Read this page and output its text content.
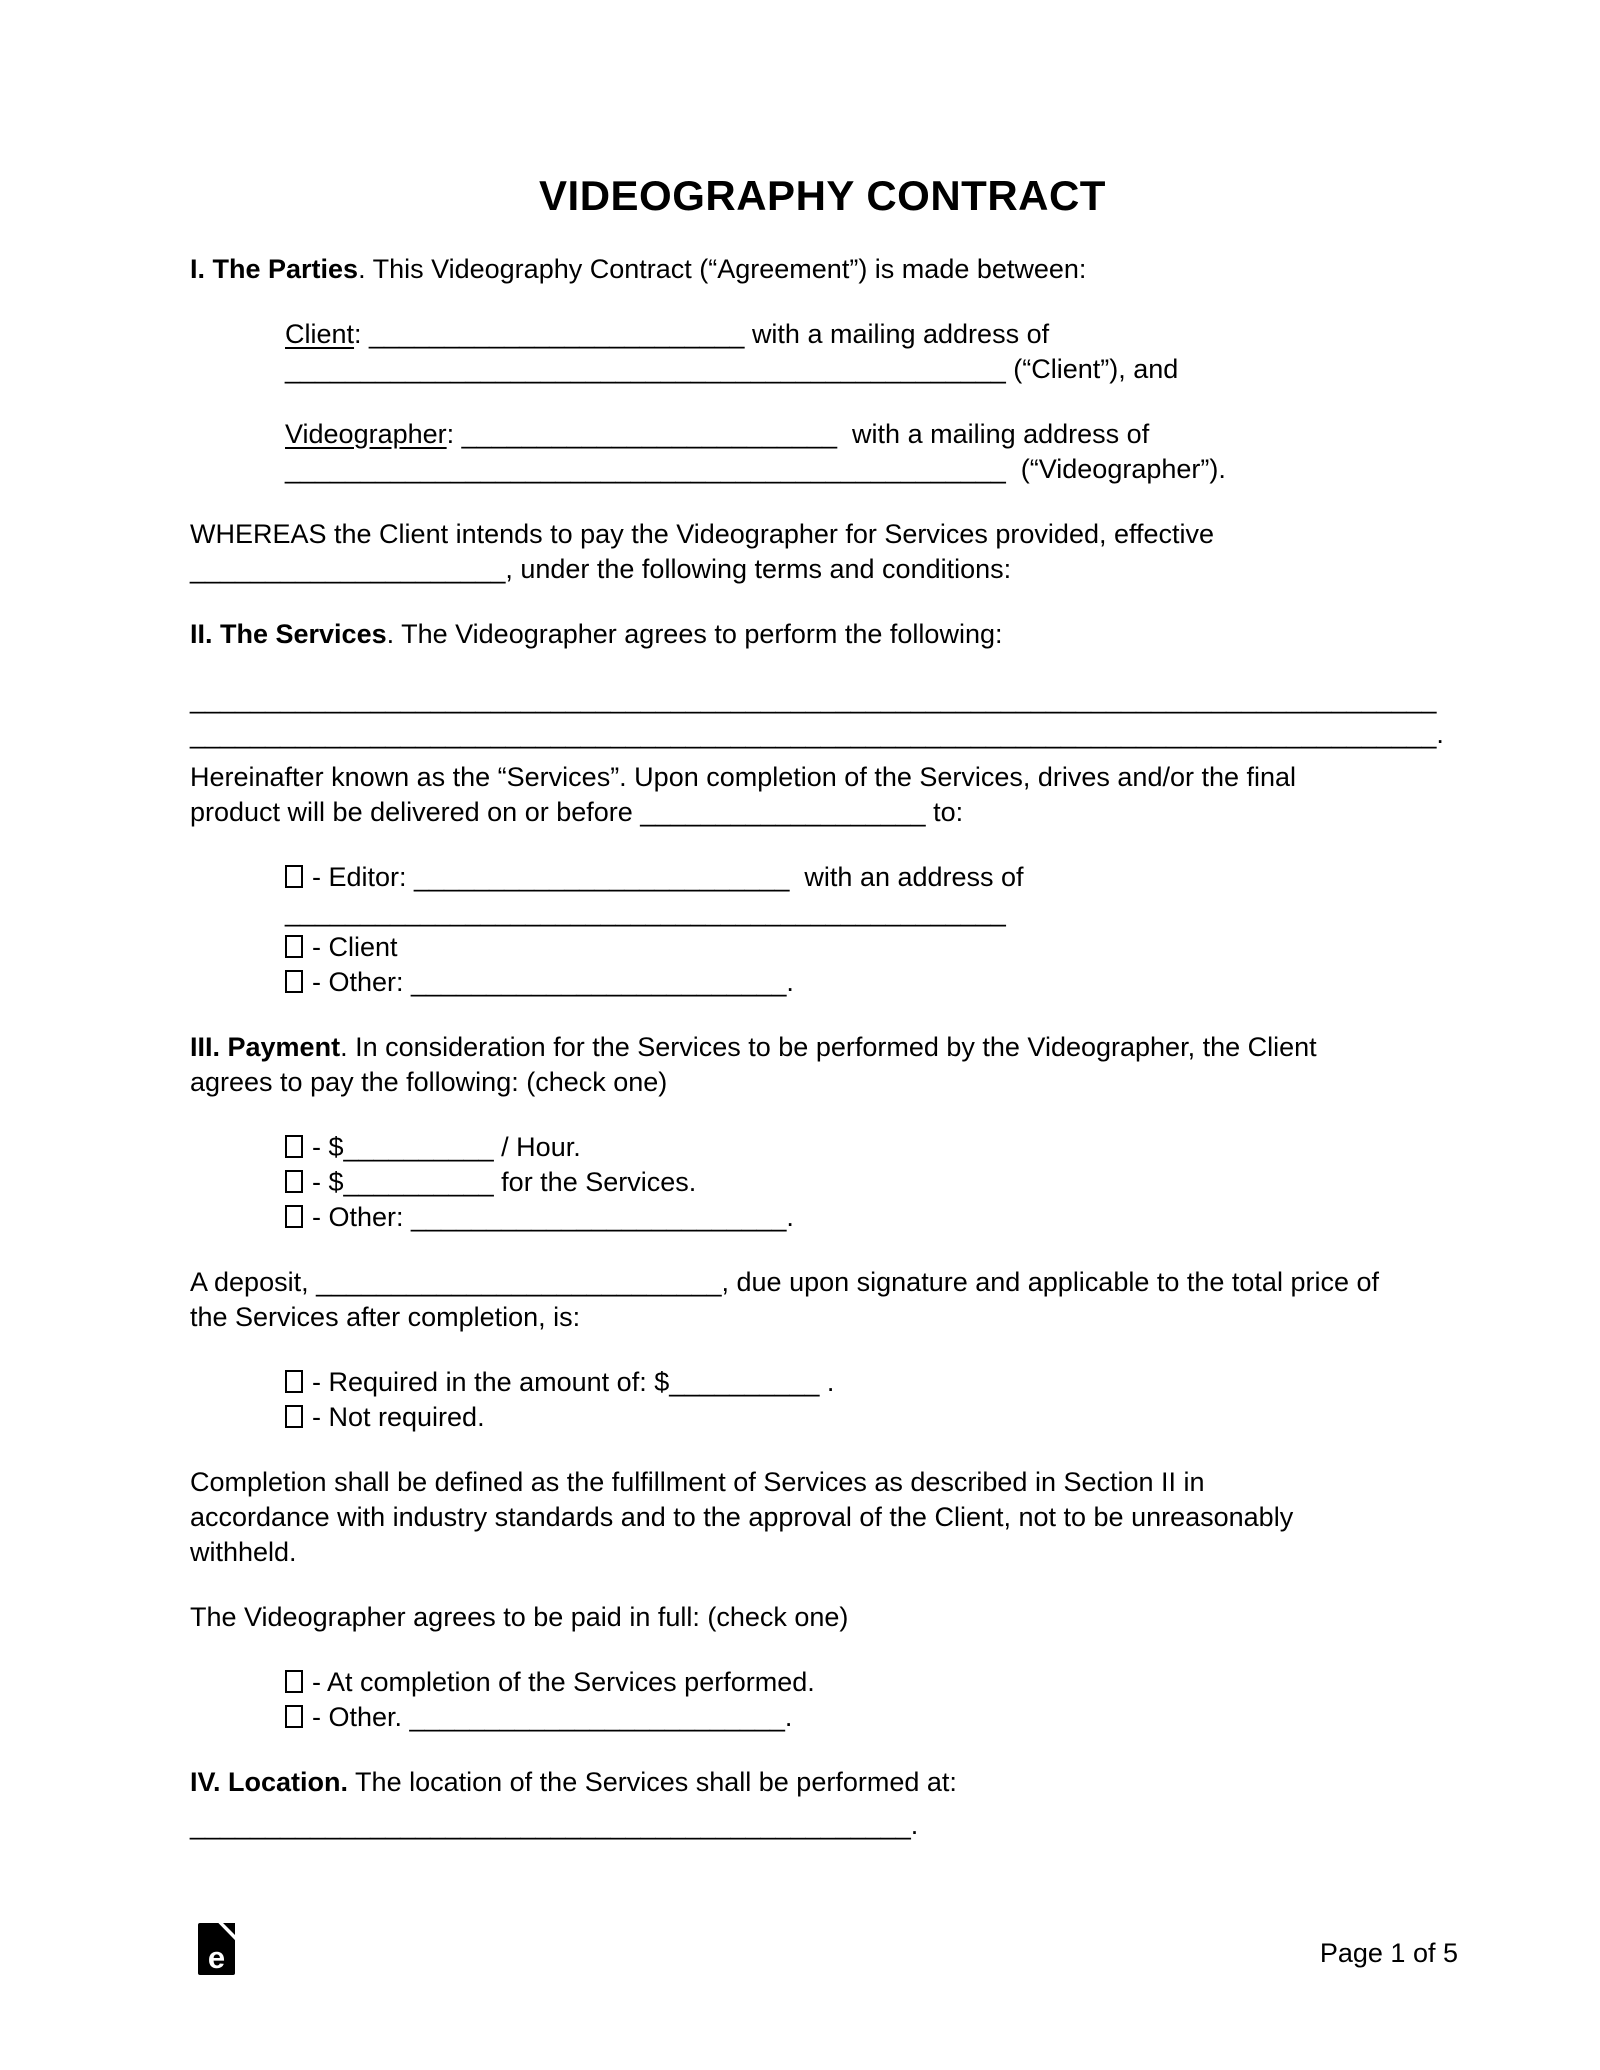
VIDEOGRAPHY CONTRACT

I. The Parties. This Videography Contract (“Agreement”) is made between:

Client: _________________________ with a mailing address of
________________________________________________ (“Client”), and

Videographer: _________________________  with a mailing address of
________________________________________________  (“Videographer”).

WHEREAS the Client intends to pay the Videographer for Services provided, effective
_____________________, under the following terms and conditions:

II. The Services. The Videographer agrees to perform the following:

___________________________________________________________________________________
___________________________________________________________________________________.

Hereinafter known as the “Services”. Upon completion of the Services, drives and/or the final
product will be delivered on or before ___________________ to:

- Editor: _________________________  with an address of
________________________________________________
- Client
- Other: _________________________.

III. Payment. In consideration for the Services to be performed by the Videographer, the Client
agrees to pay the following: (check one)

- $__________ / Hour.
- $__________ for the Services.
- Other: _________________________.

A deposit, ___________________________, due upon signature and applicable to the total price of
the Services after completion, is:

- Required in the amount of: $__________ .
- Not required.

Completion shall be defined as the fulfillment of Services as described in Section II in
accordance with industry standards and to the approval of the Client, not to be unreasonably
withheld.

The Videographer agrees to be paid in full: (check one)

- At completion of the Services performed.
- Other. _________________________.

IV. Location. The location of the Services shall be performed at:
________________________________________________.

e	Page 1 of 5
